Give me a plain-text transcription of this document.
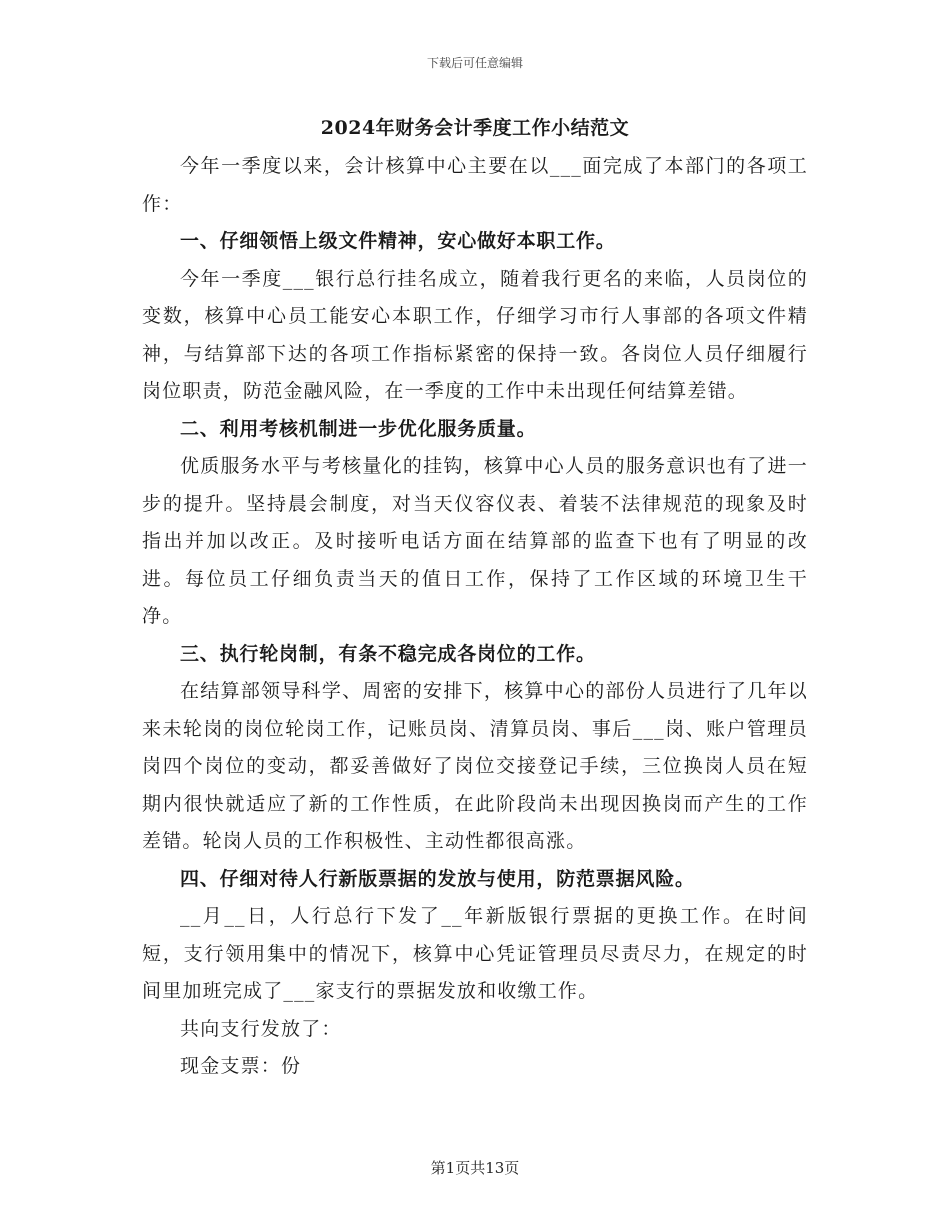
下载后可任意编辑
2024年财务会计季度工作小结范文

今年一季度以来，会计核算中心主要在以___面完成了本部门的各项工作：

一、仔细领悟上级文件精神，安心做好本职工作。

今年一季度___银行总行挂名成立，随着我行更名的来临，人员岗位的变数，核算中心员工能安心本职工作，仔细学习市行人事部的各项文件精神，与结算部下达的各项工作指标紧密的保持一致。各岗位人员仔细履行岗位职责，防范金融风险，在一季度的工作中未出现任何结算差错。

二、利用考核机制进一步优化服务质量。

优质服务水平与考核量化的挂钩，核算中心人员的服务意识也有了进一步的提升。坚持晨会制度，对当天仪容仪表、着装不法律规范的现象及时指出并加以改正。及时接听电话方面在结算部的监查下也有了明显的改进。每位员工仔细负责当天的值日工作，保持了工作区域的环境卫生干净。

三、执行轮岗制，有条不稳完成各岗位的工作。

在结算部领导科学、周密的安排下，核算中心的部份人员进行了几年以来未轮岗的岗位轮岗工作，记账员岗、清算员岗、事后___岗、账户管理员岗四个岗位的变动，都妥善做好了岗位交接登记手续，三位换岗人员在短期内很快就适应了新的工作性质，在此阶段尚未出现因换岗而产生的工作差错。轮岗人员的工作积极性、主动性都很高涨。

四、仔细对待人行新版票据的发放与使用，防范票据风险。

__月__日，人行总行下发了__年新版银行票据的更换工作。在时间短，支行领用集中的情况下，核算中心凭证管理员尽责尽力，在规定的时间里加班完成了___家支行的票据发放和收缴工作。

共向支行发放了：

现金支票：份

第1页共13页
